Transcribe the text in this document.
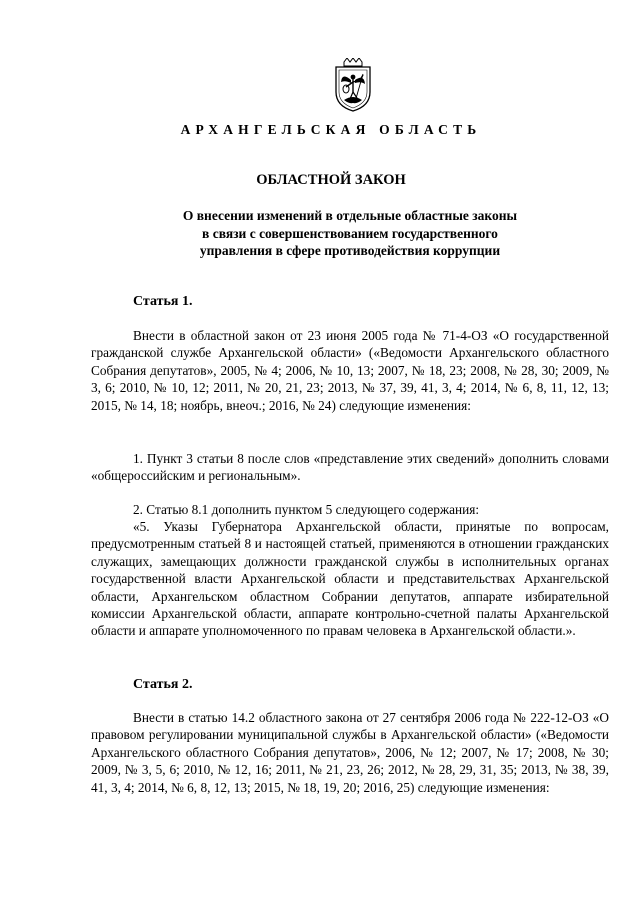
АРХАНГЕЛЬСКАЯ ОБЛАСТЬ
ОБЛАСТНОЙ ЗАКОН
О внесении изменений в отдельные областные законы
в связи с совершенствованием государственного
управления в сфере противодействия коррупции
Статья 1.

Внести в областной закон от 23 июня 2005 года № 71-4-ОЗ «О государственной гражданской службе Архангельской области» («Ведомости Архангельского областного Собрания депутатов», 2005, № 4; 2006, № 10, 13; 2007, № 18, 23; 2008, № 28, 30; 2009, № 3, 6; 2010, № 10, 12; 2011, № 20, 21, 23; 2013, № 37, 39, 41, 3, 4; 2014, № 6, 8, 11, 12, 13; 2015, № 14, 18; ноябрь, внеоч.; 2016, № 24) следующие изменения:

1. Пункт 3 статьи 8 после слов «представление этих сведений» дополнить словами «общероссийским и региональным».

2. Статью 8.1 дополнить пунктом 5 следующего содержания:

«5. Указы Губернатора Архангельской области, принятые по вопросам, предусмотренным статьей 8 и настоящей статьей, применяются в отношении гражданских служащих, замещающих должности гражданской службы в исполнительных органах государственной власти Архангельской области и представительствах Архангельской области, Архангельском областном Собрании депутатов, аппарате избирательной комиссии Архангельской области, аппарате контрольно-счетной палаты Архангельской области и аппарате уполномоченного по правам человека в Архангельской области.».

Статья 2.

Внести в статью 14.2 областного закона от 27 сентября 2006 года № 222-12-ОЗ «О правовом регулировании муниципальной службы в Архангельской области» («Ведомости Архангельского областного Собрания депутатов», 2006, № 12; 2007, № 17; 2008, № 30; 2009, № 3, 5, 6; 2010, № 12, 16; 2011, № 21, 23, 26; 2012, № 28, 29, 31, 35; 2013, № 38, 39, 41, 3, 4; 2014, № 6, 8, 12, 13; 2015, № 18, 19, 20; 2016, 25) следующие изменения:
